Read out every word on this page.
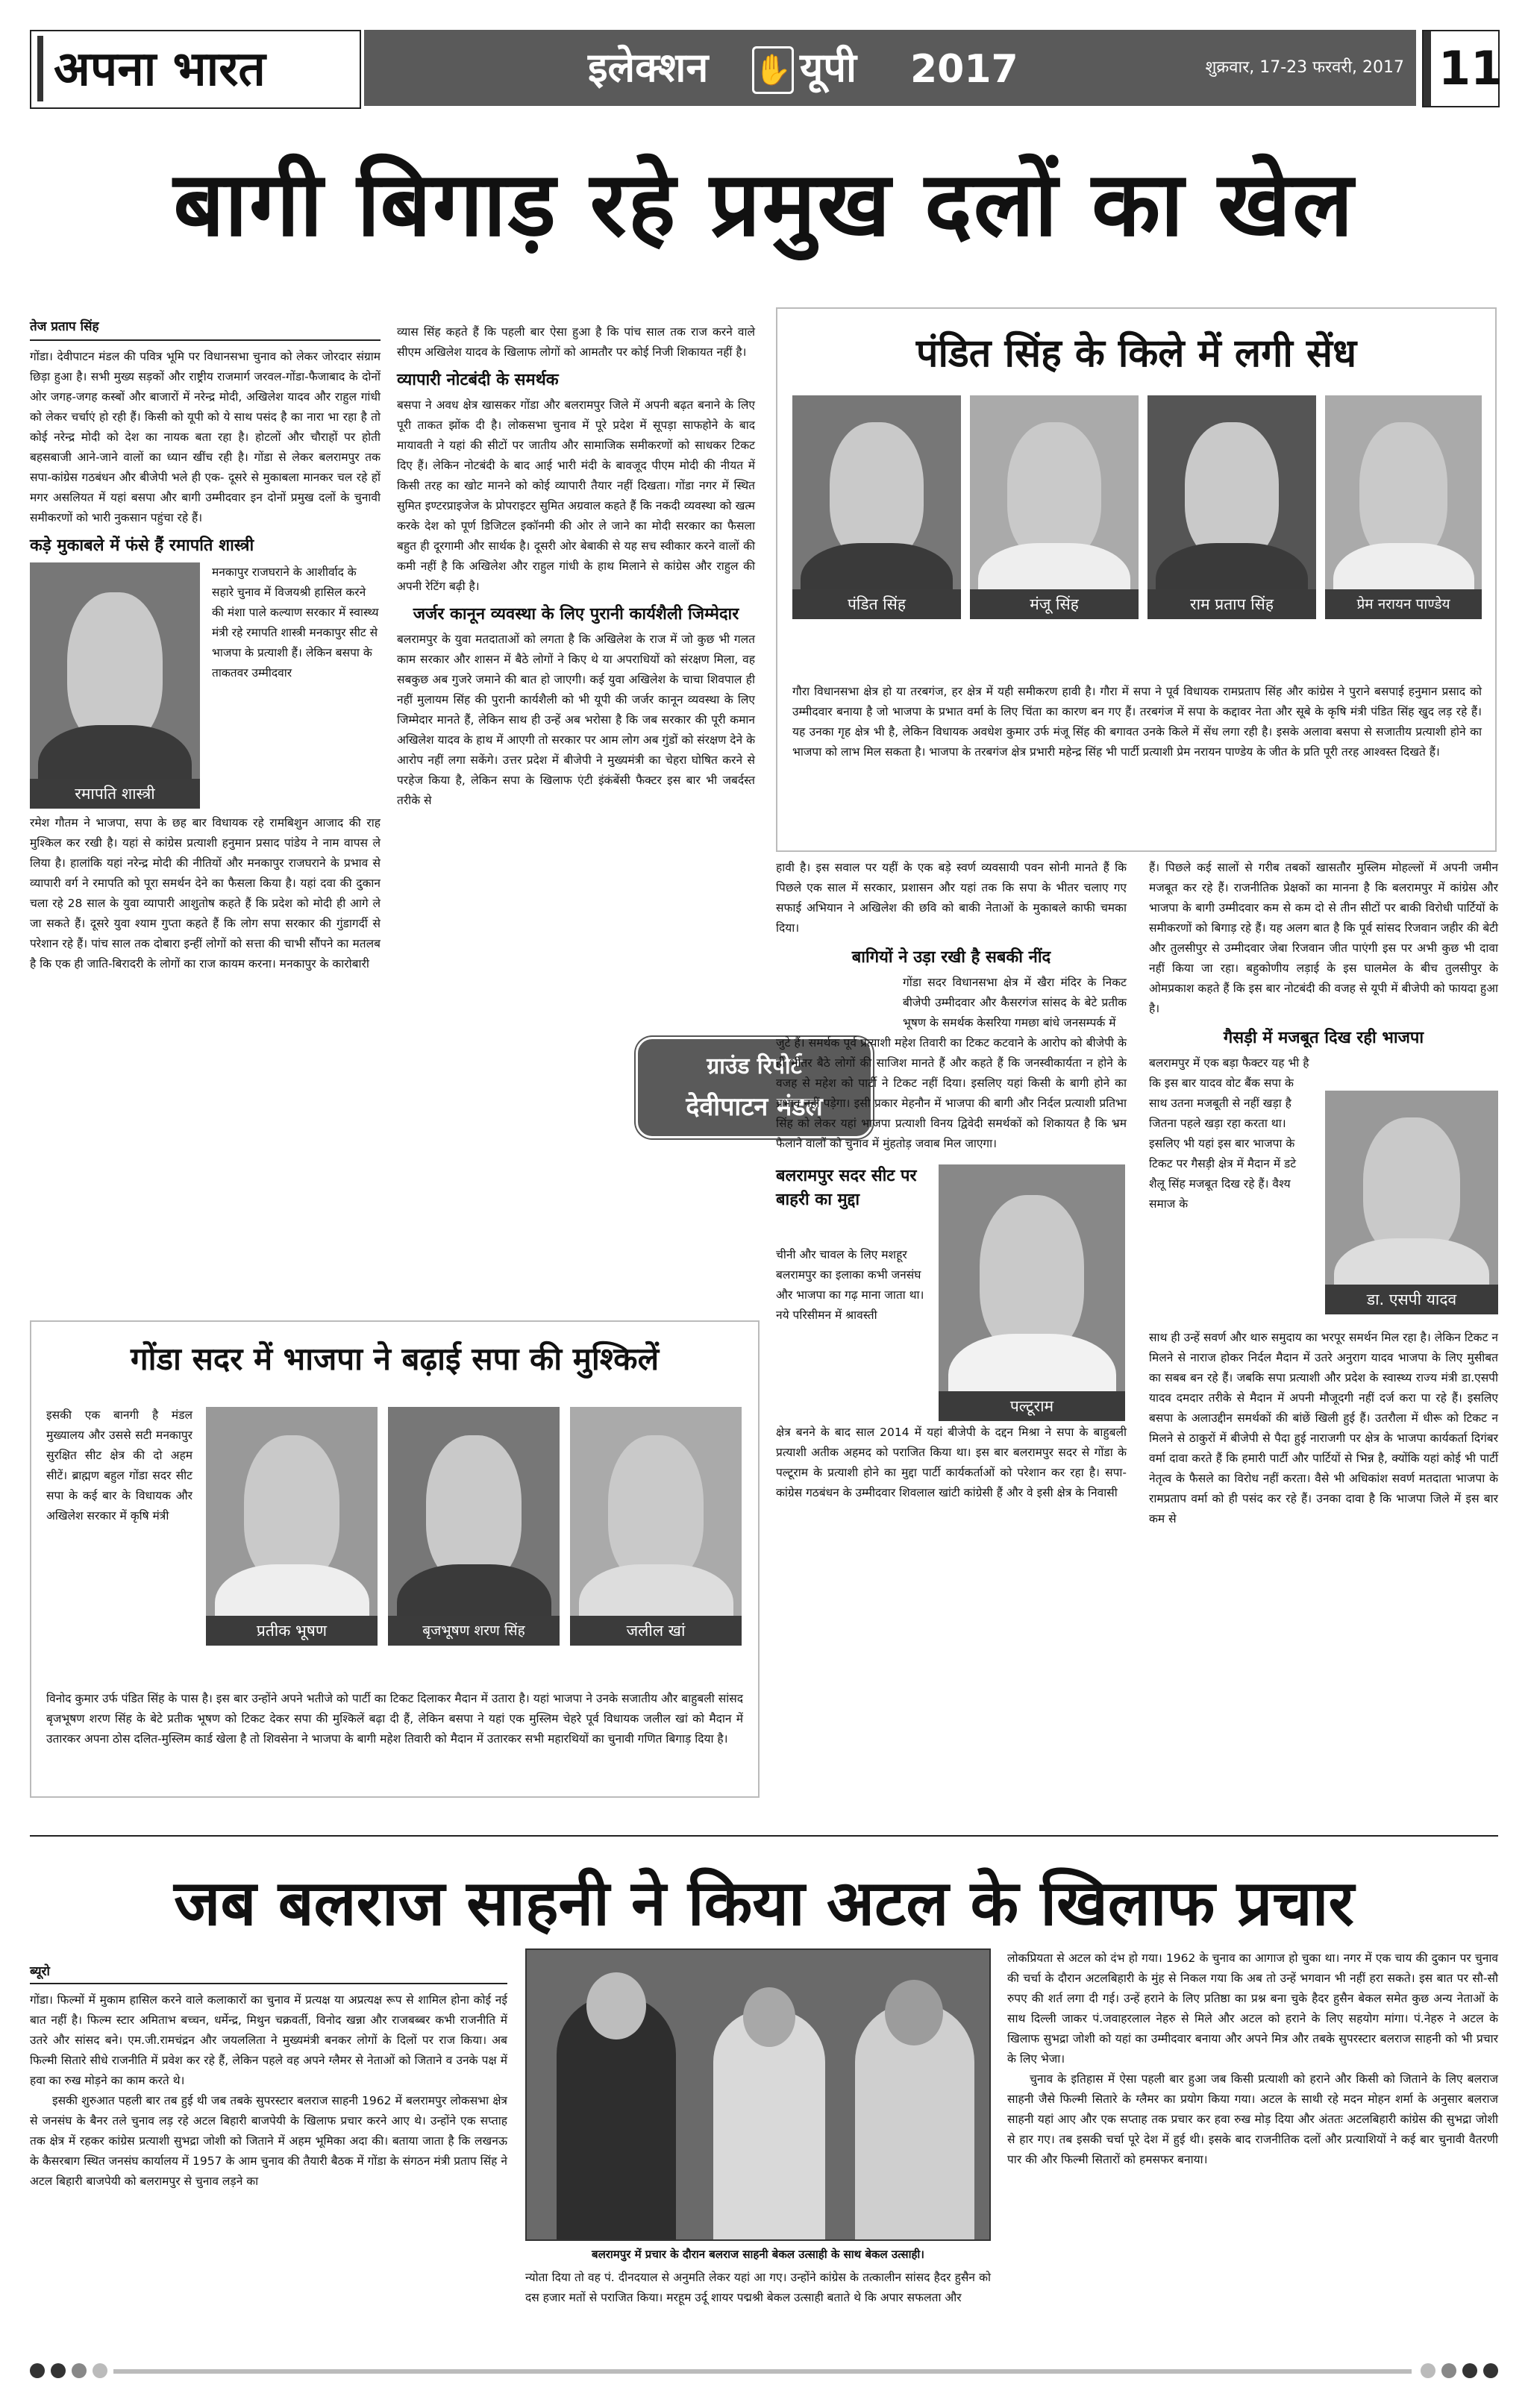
अपना भारत	इलेक्शन ✋ यूपी 2017	शुक्रवार, 17-23 फरवरी, 2017 11
बागी बिगाड़ रहे प्रमुख दलों का खेल
तेज प्रताप सिंह

गोंडा। देवीपाटन मंडल की पवित्र भूमि पर विधानसभा चुनाव को लेकर जोरदार संग्राम छिड़ा हुआ है। सभी मुख्य सड़कों और राष्ट्रीय राजमार्ग जरवल-गोंडा-फैजाबाद के दोनों ओर जगह-जगह कस्बों और बाजारों में नरेन्द्र मोदी, अखिलेश यादव और राहुल गांधी को लेकर चर्चाएं हो रही हैं। किसी को यूपी को ये साथ पसंद है का नारा भा रहा है तो कोई नरेन्द्र मोदी को देश का नायक बता रहा है। होटलों और चौराहों पर होती बहसबाजी आने-जाने वालों का ध्यान खींच रही है। गोंडा से लेकर बलरामपुर तक सपा-कांग्रेस गठबंधन और बीजेपी भले ही एक- दूसरे से मुकाबला मानकर चल रहे हों मगर असलियत में यहां बसपा और बागी उम्मीदवार इन दोनों प्रमुख दलों के चुनावी समीकरणों को भारी नुकसान पहुंचा रहे हैं।

कड़े मुकाबले में फंसे हैं रमापति शास्त्री

रमापति शास्त्री

मनकापुर राजघराने के आशीर्वाद के सहारे चुनाव में विजयश्री हासिल करने की मंशा पाले कल्याण सरकार में स्वास्थ्य मंत्री रहे रमापति शास्त्री मनकापुर सीट से भाजपा के प्रत्याशी हैं। लेकिन बसपा के ताकतवर उम्मीदवार

रमेश गौतम ने भाजपा, सपा के छह बार विधायक रहे रामबिशुन आजाद की राह मुश्किल कर रखी है। यहां से कांग्रेस प्रत्याशी हनुमान प्रसाद पांडेय ने नाम वापस ले लिया है। हालांकि यहां नरेन्द्र मोदी की नीतियों और मनकापुर राजघराने के प्रभाव से व्यापारी वर्ग ने रमापति को पूरा समर्थन देने का फैसला किया है। यहां दवा की दुकान चला रहे 28 साल के युवा व्यापारी आशुतोष कहते हैं कि प्रदेश को मोदी ही आगे ले जा सकते हैं। दूसरे युवा श्याम गुप्ता कहते हैं कि लोग सपा सरकार की गुंडागर्दी से परेशान रहे हैं। पांच साल तक दोबारा इन्हीं लोगों को सत्ता की चाभी सौंपने का मतलब है कि एक ही जाति-बिरादरी के लोगों का राज कायम करना। मनकापुर के कारोबारी

व्यास सिंह कहते हैं कि पहली बार ऐसा हुआ है कि पांच साल तक राज करने वाले सीएम अखिलेश यादव के खिलाफ लोगों को आमतौर पर कोई निजी शिकायत नहीं है।

व्यापारी नोटबंदी के समर्थक

बसपा ने अवध क्षेत्र खासकर गोंडा और बलरामपुर जिले में अपनी बढ़त बनाने के लिए पूरी ताकत झोंक दी है। लोकसभा चुनाव में पूरे प्रदेश में सूपड़ा साफहोने के बाद मायावती ने यहां की सीटों पर जातीय और सामाजिक समीकरणों को साधकर टिकट दिए हैं। लेकिन नोटबंदी के बाद आई भारी मंदी के बावजूद पीएम मोदी की नीयत में किसी तरह का खोट मानने को कोई व्यापारी तैयार नहीं दिखता। गोंडा नगर में स्थित सुमित इण्टरप्राइजेज के प्रोपराइटर सुमित अग्रवाल कहते हैं कि नकदी व्यवस्था को खत्म करके देश को पूर्ण डिजिटल इकॉनमी की ओर ले जाने का मोदी सरकार का फैसला बहुत ही दूरगामी और सार्थक है। दूसरी ओर बेबाकी से यह सच स्वीकार करने वालों की कमी नहीं है कि अखिलेश और राहुल गांधी के हाथ मिलाने से कांग्रेस और राहुल की अपनी रेटिंग बढ़ी है।

जर्जर कानून व्यवस्था के लिए पुरानी कार्यशैली जिम्मेदार

बलरामपुर के युवा मतदाताओं को लगता है कि अखिलेश के राज में जो कुछ भी गलत काम सरकार और शासन में बैठे लोगों ने किए थे या अपराधियों को संरक्षण मिला, वह सबकुछ अब गुजरे जमाने की बात हो जाएगी। कई युवा अखिलेश के चाचा शिवपाल ही नहीं मुलायम सिंह की पुरानी कार्यशैली को भी यूपी की जर्जर कानून व्यवस्था के लिए जिम्मेदार मानते हैं, लेकिन साथ ही उन्हें अब भरोसा है कि जब सरकार की पूरी कमान अखिलेश यादव के हाथ में आएगी तो सरकार पर आम लोग अब गुंडों को संरक्षण देने के आरोप नहीं लगा सकेंगे। उत्तर प्रदेश में बीजेपी ने मुख्यमंत्री का चेहरा घोषित करने से परहेज किया है, लेकिन सपा के खिलाफ एंटी इंकंबेंसी फैक्टर इस बार भी जबर्दस्त तरीके से

ग्राउंड रिपोर्ट
देवीपाटन मंडल
पंडित सिंह के किले में लगी सेंध
पंडित सिंह	मंजू सिंह	राम प्रताप सिंह	प्रेम नरायन पाण्डेय

गौरा विधानसभा क्षेत्र हो या तरबगंज, हर क्षेत्र में यही समीकरण हावी है। गौरा में सपा ने पूर्व विधायक रामप्रताप सिंह और कांग्रेस ने पुराने बसपाई हनुमान प्रसाद को उम्मीदवार बनाया है जो भाजपा के प्रभात वर्मा के लिए चिंता का कारण बन गए हैं। तरबगंज में सपा के कद्दावर नेता और सूबे के कृषि मंत्री पंडित सिंह खुद लड़ रहे हैं। यह उनका गृह क्षेत्र भी है, लेकिन विधायक अवधेश कुमार उर्फ मंजू सिंह की बगावत उनके किले में सेंध लगा रही है। इसके अलावा बसपा से सजातीय प्रत्याशी होने का भाजपा को लाभ मिल सकता है। भाजपा के तरबगंज क्षेत्र प्रभारी महेन्द्र सिंह भी पार्टी प्रत्याशी प्रेम नरायन पाण्डेय के जीत के प्रति पूरी तरह आश्वस्त दिखते हैं।

हावी है। इस सवाल पर यहीं के एक बड़े स्वर्ण व्यवसायी पवन सोनी मानते हैं कि पिछले एक साल में सरकार, प्रशासन और यहां तक कि सपा के भीतर चलाए गए सफाई अभियान ने अखिलेश की छवि को बाकी नेताओं के मुकाबले काफी चमका दिया।

बागियों ने उड़ा रखी है सबकी नींद

गोंडा सदर विधानसभा क्षेत्र में खैरा मंदिर के निकट बीजेपी उम्मीदवार और कैसरगंज सांसद के बेटे प्रतीक भूषण के समर्थक केसरिया गमछा बांधे जनसम्पर्क में

जुटे हैं। समर्थक पूर्व प्रत्याशी महेश तिवारी का टिकट कटवाने के आरोप को बीजेपी के ही भीतर बैठे लोगों की साजिश मानते हैं और कहते हैं कि जनस्वीकार्यता न होने के वजह से महेश को पार्टी ने टिकट नहीं दिया। इसलिए यहां किसी के बागी होने का प्रभाव नहीं पड़ेगा। इसी प्रकार मेहनौन में भाजपा की बागी और निर्दल प्रत्याशी प्रतिभा सिंह को लेकर यहां भाजपा प्रत्याशी विनय द्विवेदी समर्थकों को शिकायत है कि भ्रम फैलाने वालों को चुनाव में मुंहतोड़ जवाब मिल जाएगा।

बलरामपुर सदर सीट पर बाहरी का मुद्दा

चीनी और चावल के लिए मशहूर बलरामपुर का इलाका कभी जनसंघ और भाजपा का गढ़ माना जाता था। नये परिसीमन में श्रावस्ती

पल्टूराम

क्षेत्र बनने के बाद साल 2014 में यहां बीजेपी के दद्दन मिश्रा ने सपा के बाहुबली प्रत्याशी अतीक अहमद को पराजित किया था। इस बार बलरामपुर सदर से गोंडा के पल्टूराम के प्रत्याशी होने का मुद्दा पार्टी कार्यकर्ताओं को परेशान कर रहा है। सपा-कांग्रेस गठबंधन के उम्मीदवार शिवलाल खांटी कांग्रेसी हैं और वे इसी क्षेत्र के निवासी

हैं। पिछले कई सालों से गरीब तबकों खासतौर मुस्लिम मोहल्लों में अपनी जमीन मजबूत कर रहे हैं। राजनीतिक प्रेक्षकों का मानना है कि बलरामपुर में कांग्रेस और भाजपा के बागी उम्मीदवार कम से कम दो से तीन सीटों पर बाकी विरोधी पार्टियों के समीकरणों को बिगाड़ रहे हैं। यह अलग बात है कि पूर्व सांसद रिजवान जहीर की बेटी और तुलसीपुर से उम्मीदवार जेबा रिजवान जीत पाएंगी इस पर अभी कुछ भी दावा नहीं किया जा रहा। बहुकोणीय लड़ाई के इस घालमेल के बीच तुलसीपुर के ओमप्रकाश कहते हैं कि इस बार नोटबंदी की वजह से यूपी में बीजेपी को फायदा हुआ है।

गैसड़ी में मजबूत दिख रही भाजपा

बलरामपुर में एक बड़ा फैक्टर यह भी है कि इस बार यादव वोट बैंक सपा के साथ उतना मजबूती से नहीं खड़ा है जितना पहले खड़ा रहा करता था। इसलिए भी यहां इस बार भाजपा के टिकट पर गैसड़ी क्षेत्र में मैदान में डटे शैलू सिंह मजबूत दिख रहे हैं। वैश्य समाज के

डा. एसपी यादव

साथ ही उन्हें सवर्ण और थारु समुदाय का भरपूर समर्थन मिल रहा है। लेकिन टिकट न मिलने से नाराज होकर निर्दल मैदान में उतरे अनुराग यादव भाजपा के लिए मुसीबत का सबब बन रहे हैं। जबकि सपा प्रत्याशी और प्रदेश के स्वास्थ्य राज्य मंत्री डा.एसपी यादव दमदार तरीके से मैदान में अपनी मौजूदगी नहीं दर्ज करा पा रहे हैं। इसलिए बसपा के अलाउद्दीन समर्थकों की बांछें खिली हुई हैं। उतरौला में धीरू को टिकट न मिलने से ठाकुरों में बीजेपी से पैदा हुई नाराजगी पर क्षेत्र के भाजपा कार्यकर्ता दिगंबर वर्मा दावा करते हैं कि हमारी पार्टी और पार्टियों से भिन्न है, क्योंकि यहां कोई भी पार्टी नेतृत्व के फैसले का विरोध नहीं करता। वैसे भी अधिकांश सवर्ण मतदाता भाजपा के रामप्रताप वर्मा को ही पसंद कर रहे हैं। उनका दावा है कि भाजपा जिले में इस बार कम से

गोंडा सदर में भाजपा ने बढ़ाई सपा की मुश्किलें

इसकी एक बानगी है मंडल मुख्यालय और उससे सटी मनकापुर सुरक्षित सीट क्षेत्र की दो अहम सीटें। ब्राह्मण बहुल गोंडा सदर सीट सपा के कई बार के विधायक और अखिलेश सरकार में कृषि मंत्री

प्रतीक भूषण	बृजभूषण शरण सिंह	जलील खां

विनोद कुमार उर्फ पंडित सिंह के पास है। इस बार उन्होंने अपने भतीजे को पार्टी का टिकट दिलाकर मैदान में उतारा है। यहां भाजपा ने उनके सजातीय और बाहुबली सांसद बृजभूषण शरण सिंह के बेटे प्रतीक भूषण को टिकट देकर सपा की मुश्किलें बढ़ा दी हैं, लेकिन बसपा ने यहां एक मुस्लिम चेहरे पूर्व विधायक जलील खां को मैदान में उतारकर अपना ठोस दलित-मुस्लिम कार्ड खेला है तो शिवसेना ने भाजपा के बागी महेश तिवारी को मैदान में उतारकर सभी महारथियों का चुनावी गणित बिगाड़ दिया है।

जब बलराज साहनी ने किया अटल के खिलाफ प्रचार
ब्यूरो

गोंडा। फिल्मों में मुकाम हासिल करने वाले कलाकारों का चुनाव में प्रत्यक्ष या अप्रत्यक्ष रूप से शामिल होना कोई नई बात नहीं है। फिल्म स्टार अमिताभ बच्चन, धर्मेन्द्र, मिथुन चक्रवर्ती, विनोद खन्ना और राजबब्बर कभी राजनीति में उतरे और सांसद बने। एम.जी.रामचंद्रन और जयललिता ने मुख्यमंत्री बनकर लोगों के दिलों पर राज किया। अब फिल्मी सितारे सीधे राजनीति में प्रवेश कर रहे हैं, लेकिन पहले वह अपने ग्लैमर से नेताओं को जिताने व उनके पक्ष में हवा का रुख मोड़ने का काम करते थे।

इसकी शुरुआत पहली बार तब हुई थी जब तबके सुपरस्टार बलराज साहनी 1962 में बलरामपुर लोकसभा क्षेत्र से जनसंघ के बैनर तले चुनाव लड़ रहे अटल बिहारी बाजपेयी के खिलाफ प्रचार करने आए थे। उन्होंने एक सप्ताह तक क्षेत्र में रहकर कांग्रेस प्रत्याशी सुभद्रा जोशी को जिताने में अहम भूमिका अदा की। बताया जाता है कि लखनऊ के कैसरबाग स्थित जनसंघ कार्यालय में 1957 के आम चुनाव की तैयारी बैठक में गोंडा के संगठन मंत्री प्रताप सिंह ने अटल बिहारी बाजपेयी को बलरामपुर से चुनाव लड़ने का

बलरामपुर में प्रचार के दौरान बलराज साहनी बेकल उत्साही के साथ बेकल उत्साही।

न्योता दिया तो वह पं. दीनदयाल से अनुमति लेकर यहां आ गए। उन्होंने कांग्रेस के तत्कालीन सांसद हैदर हुसैन को दस हजार मतों से पराजित किया। मरहूम उर्दू शायर पद्मश्री बेकल उत्साही बताते थे कि अपार सफलता और

लोकप्रियता से अटल को दंभ हो गया। 1962 के चुनाव का आगाज हो चुका था। नगर में एक चाय की दुकान पर चुनाव की चर्चा के दौरान अटलबिहारी के मुंह से निकल गया कि अब तो उन्हें भगवान भी नहीं हरा सकते। इस बात पर सौ-सौ रुपए की शर्त लगा दी गई। उन्हें हराने के लिए प्रतिष्ठा का प्रश्न बना चुके हैदर हुसैन बेकल समेत कुछ अन्य नेताओं के साथ दिल्ली जाकर पं.जवाहरलाल नेहरु से मिले और अटल को हराने के लिए सहयोग मांगा। पं.नेहरु ने अटल के खिलाफ सुभद्रा जोशी को यहां का उम्मीदवार बनाया और अपने मित्र और तबके सुपरस्टार बलराज साहनी को भी प्रचार के लिए भेजा।

चुनाव के इतिहास में ऐसा पहली बार हुआ जब किसी प्रत्याशी को हराने और किसी को जिताने के लिए बलराज साहनी जैसे फिल्मी सितारे के ग्लैमर का प्रयोग किया गया। अटल के साथी रहे मदन मोहन शर्मा के अनुसार बलराज साहनी यहां आए और एक सप्ताह तक प्रचार कर हवा रुख मोड़ दिया और अंततः अटलबिहारी कांग्रेस की सुभद्रा जोशी से हार गए। तब इसकी चर्चा पूरे देश में हुई थी। इसके बाद राजनीतिक दलों और प्रत्याशियों ने कई बार चुनावी वैतरणी पार की और फिल्मी सितारों को हमसफर बनाया।
